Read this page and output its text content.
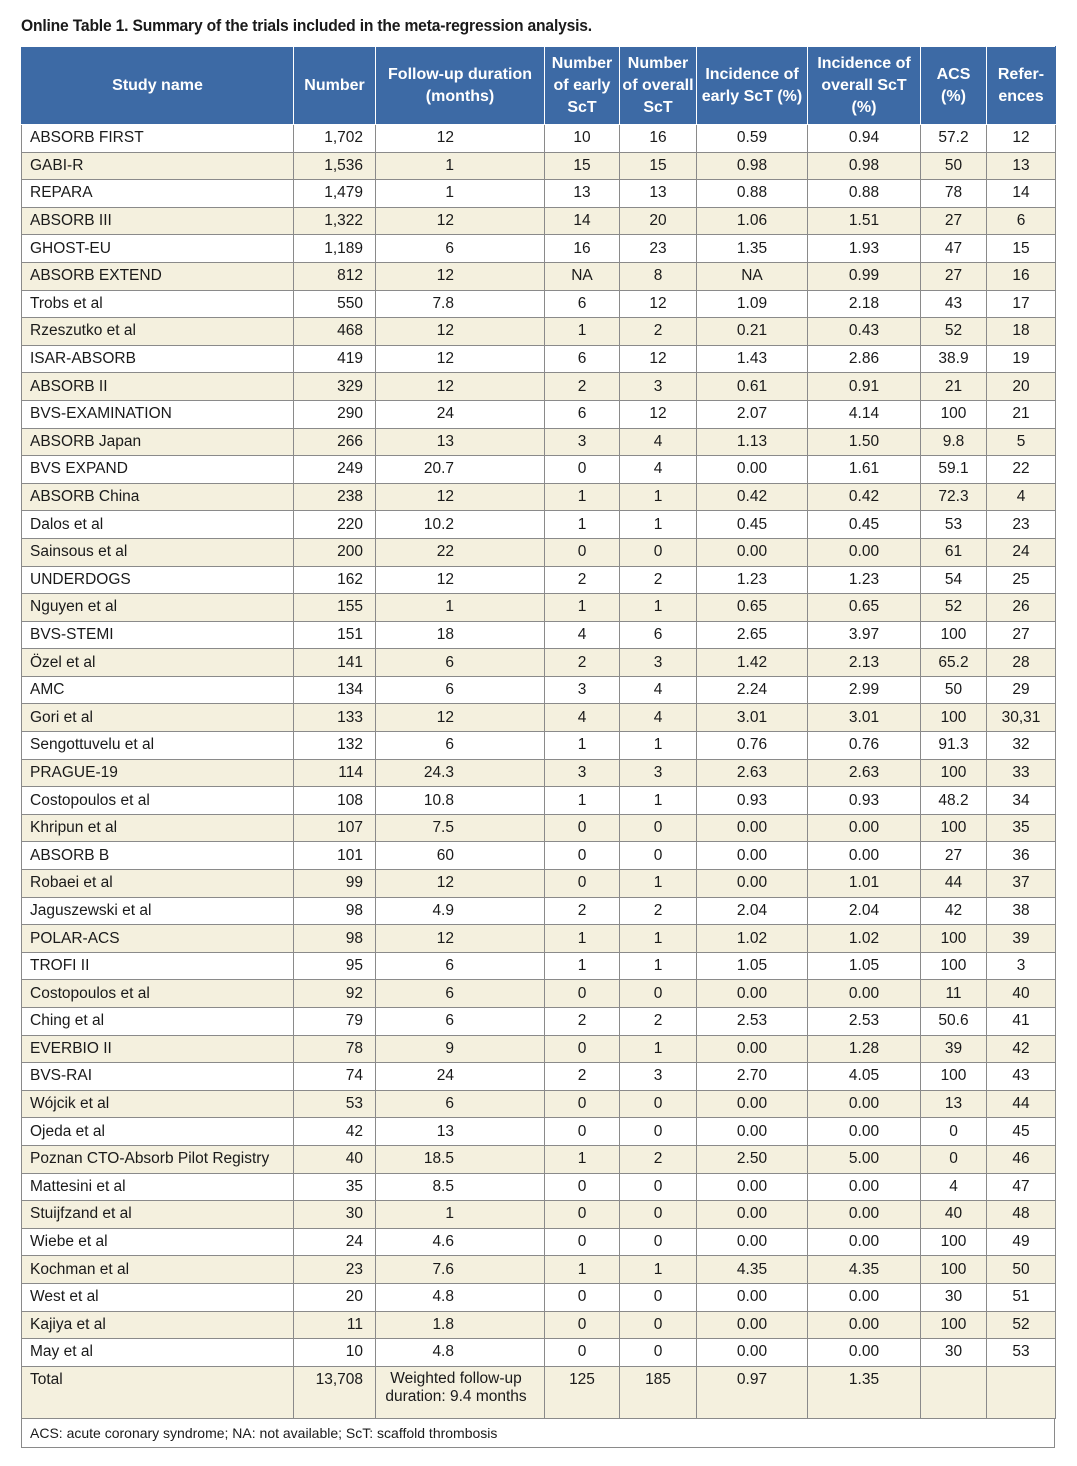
Online Table 1. Summary of the trials included in the meta-regression analysis.
Study name	Number	Follow-up duration (months)	Number of early ScT	Number of overall ScT	Incidence of early ScT (%)	Incidence of overall ScT (%)	ACS (%)	Refer-ences
ABSORB FIRST	1,702	12	10	16	0.59	0.94	57.2	12
GABI-R	1,536	1	15	15	0.98	0.98	50	13
REPARA	1,479	1	13	13	0.88	0.88	78	14
ABSORB III	1,322	12	14	20	1.06	1.51	27	6
GHOST-EU	1,189	6	16	23	1.35	1.93	47	15
ABSORB EXTEND	812	12	NA	8	NA	0.99	27	16
Trobs et al	550	7.8	6	12	1.09	2.18	43	17
Rzeszutko et al	468	12	1	2	0.21	0.43	52	18
ISAR-ABSORB	419	12	6	12	1.43	2.86	38.9	19
ABSORB II	329	12	2	3	0.61	0.91	21	20
BVS-EXAMINATION	290	24	6	12	2.07	4.14	100	21
ABSORB Japan	266	13	3	4	1.13	1.50	9.8	5
BVS EXPAND	249	20.7	0	4	0.00	1.61	59.1	22
ABSORB China	238	12	1	1	0.42	0.42	72.3	4
Dalos et al	220	10.2	1	1	0.45	0.45	53	23
Sainsous et al	200	22	0	0	0.00	0.00	61	24
UNDERDOGS	162	12	2	2	1.23	1.23	54	25
Nguyen et al	155	1	1	1	0.65	0.65	52	26
BVS-STEMI	151	18	4	6	2.65	3.97	100	27
Özel et al	141	6	2	3	1.42	2.13	65.2	28
AMC	134	6	3	4	2.24	2.99	50	29
Gori et al	133	12	4	4	3.01	3.01	100	30,31
Sengottuvelu et al	132	6	1	1	0.76	0.76	91.3	32
PRAGUE-19	114	24.3	3	3	2.63	2.63	100	33
Costopoulos et al	108	10.8	1	1	0.93	0.93	48.2	34
Khripun et al	107	7.5	0	0	0.00	0.00	100	35
ABSORB B	101	60	0	0	0.00	0.00	27	36
Robaei et al	99	12	0	1	0.00	1.01	44	37
Jaguszewski et al	98	4.9	2	2	2.04	2.04	42	38
POLAR-ACS	98	12	1	1	1.02	1.02	100	39
TROFI II	95	6	1	1	1.05	1.05	100	3
Costopoulos et al	92	6	0	0	0.00	0.00	11	40
Ching et al	79	6	2	2	2.53	2.53	50.6	41
EVERBIO II	78	9	0	1	0.00	1.28	39	42
BVS-RAI	74	24	2	3	2.70	4.05	100	43
Wójcik et al	53	6	0	0	0.00	0.00	13	44
Ojeda et al	42	13	0	0	0.00	0.00	0	45
Poznan CTO-Absorb Pilot Registry	40	18.5	1	2	2.50	5.00	0	46
Mattesini et al	35	8.5	0	0	0.00	0.00	4	47
Stuijfzand et al	30	1	0	0	0.00	0.00	40	48
Wiebe et al	24	4.6	0	0	0.00	0.00	100	49
Kochman et al	23	7.6	1	1	4.35	4.35	100	50
West et al	20	4.8	0	0	0.00	0.00	30	51
Kajiya et al	11	1.8	0	0	0.00	0.00	100	52
May et al	10	4.8	0	0	0.00	0.00	30	53
Total	13,708	Weighted follow-up duration: 9.4 months	125	185	0.97	1.35		
ACS: acute coronary syndrome; NA: not available; ScT: scaffold thrombosis
